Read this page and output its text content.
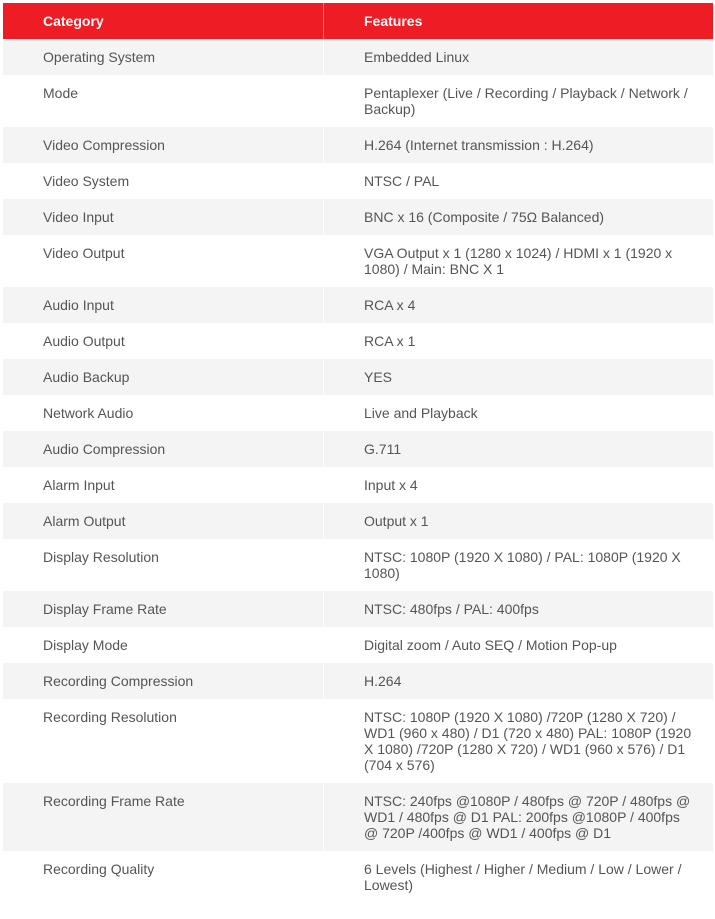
Category	Features
Operating System	Embedded Linux
Mode	Pentaplexer (Live / Recording / Playback / Network / Backup)
Video Compression	H.264 (Internet transmission : H.264)
Video System	NTSC / PAL
Video Input	BNC x 16 (Composite / 75Ω Balanced)
Video Output	VGA Output x 1 (1280 x 1024) / HDMI x 1 (1920 x 1080) / Main: BNC X 1
Audio Input	RCA x 4
Audio Output	RCA x 1
Audio Backup	YES
Network Audio	Live and Playback
Audio Compression	G.711
Alarm Input	Input x 4
Alarm Output	Output x 1
Display Resolution	NTSC: 1080P (1920 X 1080) / PAL: 1080P (1920 X 1080)
Display Frame Rate	NTSC: 480fps / PAL: 400fps
Display Mode	Digital zoom / Auto SEQ / Motion Pop-up
Recording Compression	H.264
Recording Resolution	NTSC: 1080P (1920 X 1080) /720P (1280 X 720) / WD1 (960 x 480) / D1 (720 x 480) PAL: 1080P (1920 X 1080) /720P (1280 X 720) / WD1 (960 x 576) / D1 (704 x 576)
Recording Frame Rate	NTSC: 240fps @1080P / 480fps @ 720P / 480fps @ WD1 / 480fps @ D1 PAL: 200fps @1080P / 400fps @ 720P /400fps @ WD1 / 400fps @ D1
Recording Quality	6 Levels (Highest / Higher / Medium / Low / Lower / Lowest)
